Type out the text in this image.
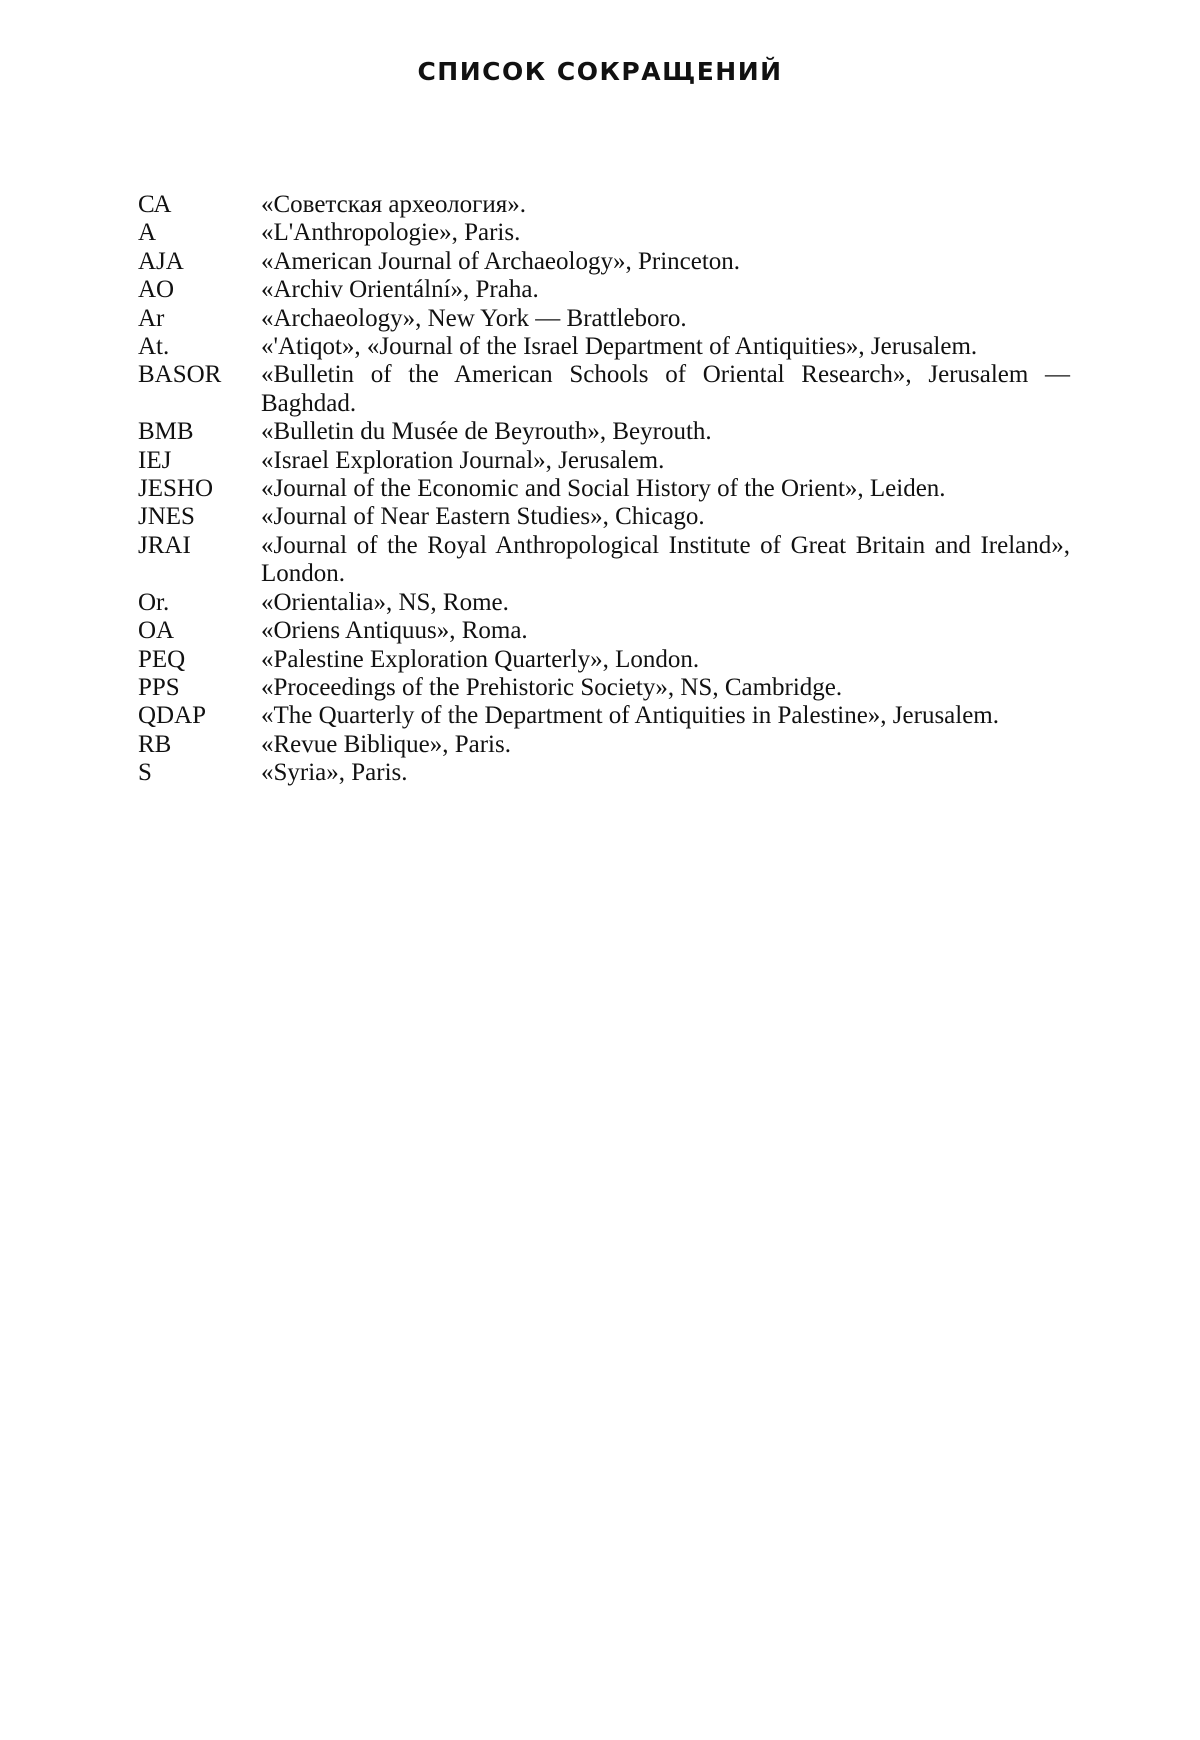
СПИСОК СОКРАЩЕНИЙ
СА	«Советская археология».
A	«L'Anthropologie», Paris.
AJA	«American Journal of Archaeology», Princeton.
AO	«Archiv Orientální», Praha.
Ar	«Archaeology», New York — Brattleboro.
At.	«'Atiqot», «Journal of the Israel Department of Antiquities», Jerusalem.
BASOR	«Bulletin of the American Schools of Oriental Research», Jerusalem — Baghdad.
BMB	«Bulletin du Musée de Beyrouth», Beyrouth.
IEJ	«Israel Exploration Journal», Jerusalem.
JESHO	«Journal of the Economic and Social History of the Orient», Leiden.
JNES	«Journal of Near Eastern Studies», Chicago.
JRAI	«Journal of the Royal Anthropological Institute of Great Britain and Ireland», London.
Or.	«Orientalia», NS, Rome.
OA	«Oriens Antiquus», Roma.
PEQ	«Palestine Exploration Quarterly», London.
PPS	«Proceedings of the Prehistoric Society», NS, Cambridge.
QDAP	«The Quarterly of the Department of Antiquities in Palestine», Jerusalem.
RB	«Revue Biblique», Paris.
S	«Syria», Paris.
